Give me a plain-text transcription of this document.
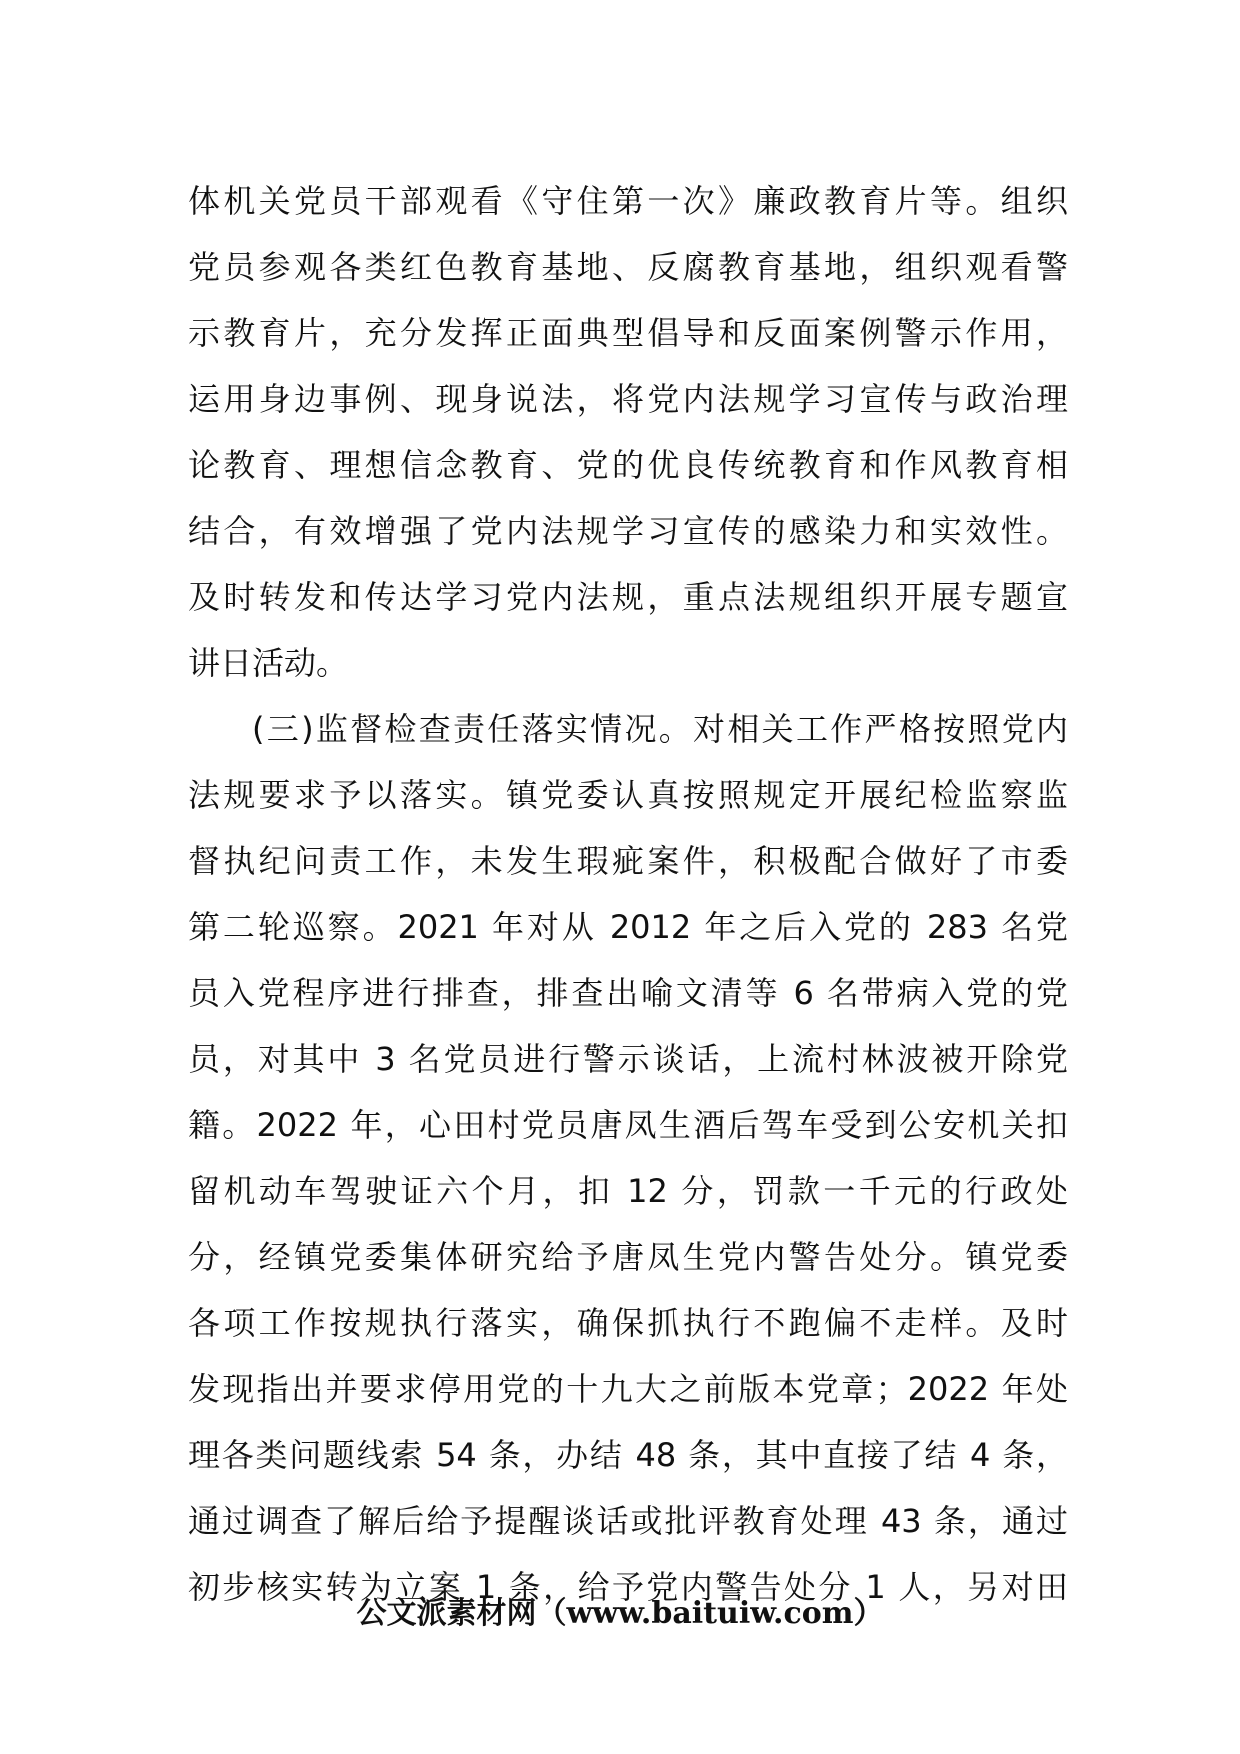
体机关党员干部观看《守住第一次》廉政教育片等。组织
党员参观各类红色教育基地、反腐教育基地，组织观看警
示教育片，充分发挥正面典型倡导和反面案例警示作用，
运用身边事例、现身说法，将党内法规学习宣传与政治理
论教育、理想信念教育、党的优良传统教育和作风教育相
结合，有效增强了党内法规学习宣传的感染力和实效性。
及时转发和传达学习党内法规，重点法规组织开展专题宣
讲日活动。
(三)监督检查责任落实情况。对相关工作严格按照党内
法规要求予以落实。镇党委认真按照规定开展纪检监察监
督执纪问责工作，未发生瑕疵案件，积极配合做好了市委
第二轮巡察。2021 年对从 2012 年之后入党的 283 名党
员入党程序进行排查，排查出喻文清等 6 名带病入党的党
员，对其中 3 名党员进行警示谈话，上流村林波被开除党
籍。2022 年，心田村党员唐凤生酒后驾车受到公安机关扣
留机动车驾驶证六个月，扣 12 分，罚款一千元的行政处
分，经镇党委集体研究给予唐凤生党内警告处分。镇党委
各项工作按规执行落实，确保抓执行不跑偏不走样。及时
发现指出并要求停用党的十九大之前版本党章；2022 年处
理各类问题线索 54 条，办结 48 条，其中直接了结 4 条，
通过调查了解后给予提醒谈话或批评教育处理 43 条，通过
初步核实转为立案 1 条，给予党内警告处分 1 人，另对田
公文派素材网（www.baituiw.com）
